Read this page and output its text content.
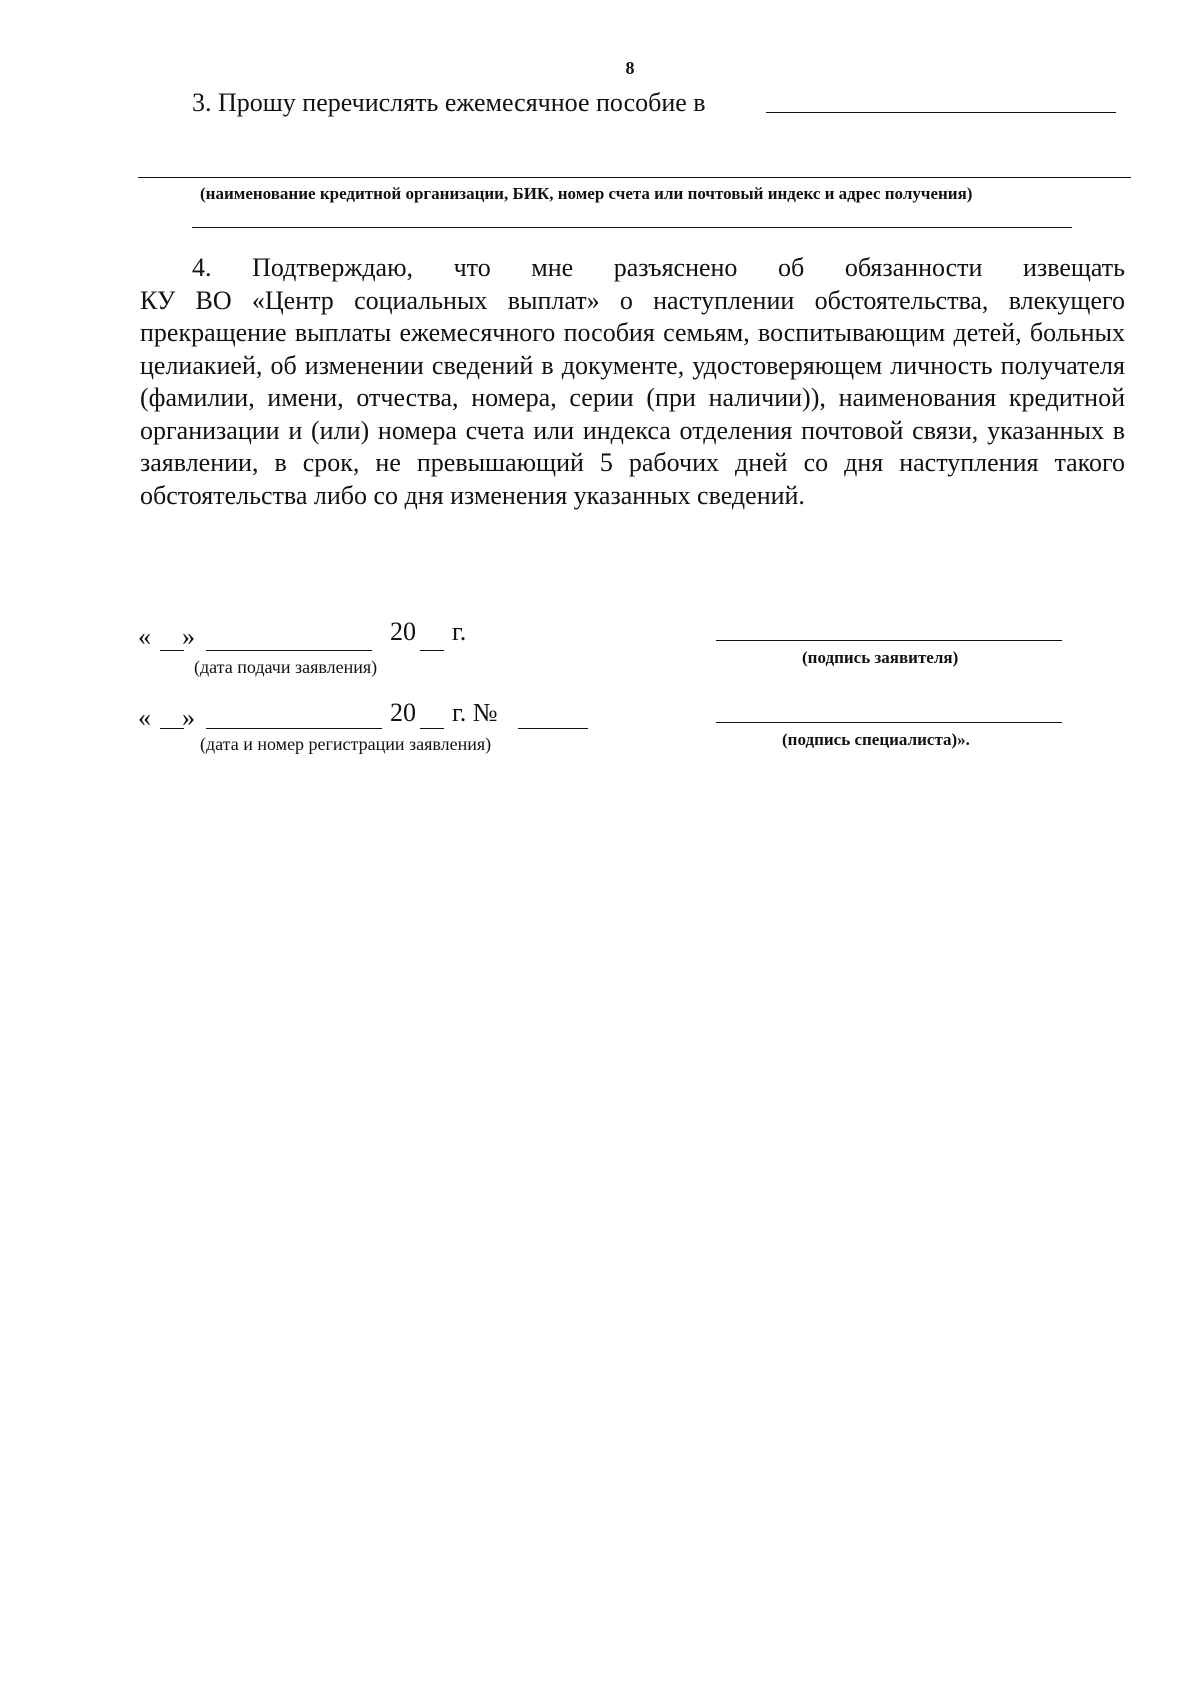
8
3. Прошу перечислять ежемесячное пособие в
(наименование кредитной организации, БИК, номер счета или почтовый индекс и адрес получения)
4. Подтверждаю, что мне разъяснено об обязанности извещать
КУ ВО «Центр социальных выплат» о наступлении обстоятельства, влекущего прекращение выплаты ежемесячного пособия семьям, воспитывающим детей, больных целиакией, об изменении сведений в документе, удостоверяющем личность получателя (фамилии, имени, отчества, номера, серии (при наличии)), наименования кредитной организации и (или) номера счета или индекса отделения почтовой связи, указанных в заявлении, в срок, не превышающий 5 рабочих дней со дня наступления такого обстоятельства либо со дня изменения указанных сведений.
« »	20 г.
(дата подачи заявления)	(подпись заявителя)
« »	20 г. №
(дата и номер регистрации заявления)	(подпись специалиста)».
